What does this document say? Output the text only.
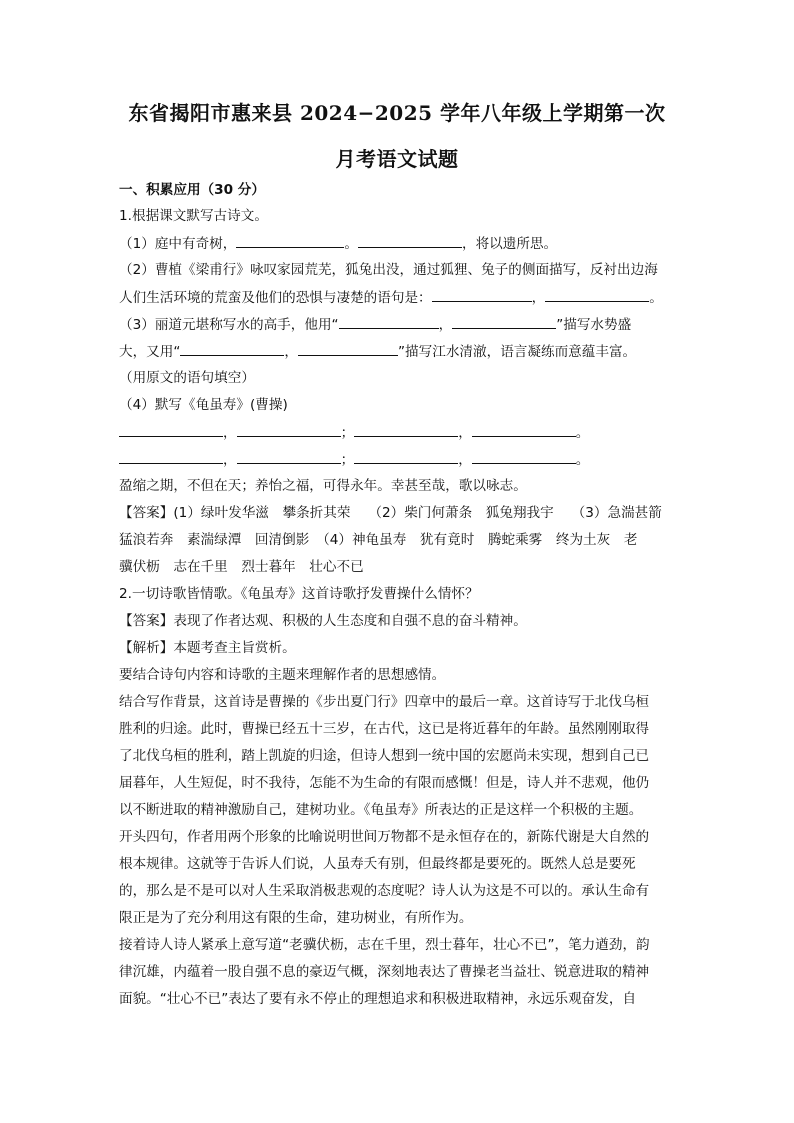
东省揭阳市惠来县 2024−2025 学年八年级上学期第一次
月考语文试题
一、积累应用（30 分）
1.根据课文默写古诗文。
（1）庭中有奇树，	。	，将以遗所思。
（2）曹植《梁甫行》咏叹家园荒芜，狐兔出没，通过狐狸、兔子的侧面描写，反衬出边海
人们生活环境的荒蛮及他们的恐惧与凄楚的语句是：	，	。
（3）丽道元堪称写水的高手，他用“	，	”描写水势盛
大，又用“	，	”描写江水清澈，语言凝练而意蕴丰富。
（用原文的语句填空）
（4）默写《龟虽寿》(曹操)
，	；	，	。
，	；	，	。
盈缩之期，不但在天；养怡之福，可得永年。幸甚至哉，歌以咏志。
【答案】(1）绿叶发华滋　攀条折其荣　 （2）柴门何萧条　狐兔翔我宇　 （3）急湍甚箭
猛浪若奔　素湍绿潭　回清倒影　（4）神龟虽寿　犹有竟时　腾蛇乘雾　终为土灰　老
骥伏枥　志在千里　烈士暮年　壮心不已
2.一切诗歌皆情歌。《龟虽寿》这首诗歌抒发曹操什么情怀？
【答案】表现了作者达观、积极的人生态度和自强不息的奋斗精神。
【解析】本题考查主旨赏析。
要结合诗句内容和诗歌的主题来理解作者的思想感情。
结合写作背景，这首诗是曹操的《步出夏门行》四章中的最后一章。这首诗写于北伐乌桓
胜利的归途。此时，曹操已经五十三岁，在古代，这已是将近暮年的年龄。虽然刚刚取得
了北伐乌桓的胜利，踏上凯旋的归途，但诗人想到一统中国的宏愿尚未实现，想到自己已
届暮年，人生短促，时不我待，怎能不为生命的有限而感慨！但是，诗人并不悲观，他仍
以不断进取的精神激励自己，建树功业。《龟虽寿》所表达的正是这样一个积极的主题。
开头四句，作者用两个形象的比喻说明世间万物都不是永恒存在的，新陈代谢是大自然的
根本规律。这就等于告诉人们说，人虽寿夭有别，但最终都是要死的。既然人总是要死
的，那么是不是可以对人生采取消极悲观的态度呢？诗人认为这是不可以的。承认生命有
限正是为了充分利用这有限的生命，建功树业，有所作为。
接着诗人诗人紧承上意写道“老骥伏枥，志在千里，烈士暮年，壮心不已”，笔力遒劲，韵
律沉雄，内蕴着一股自强不息的豪迈气概，深刻地表达了曹操老当益壮、锐意进取的精神
面貌。“壮心不已”表达了要有永不停止的理想追求和积极进取精神，永远乐观奋发，自
